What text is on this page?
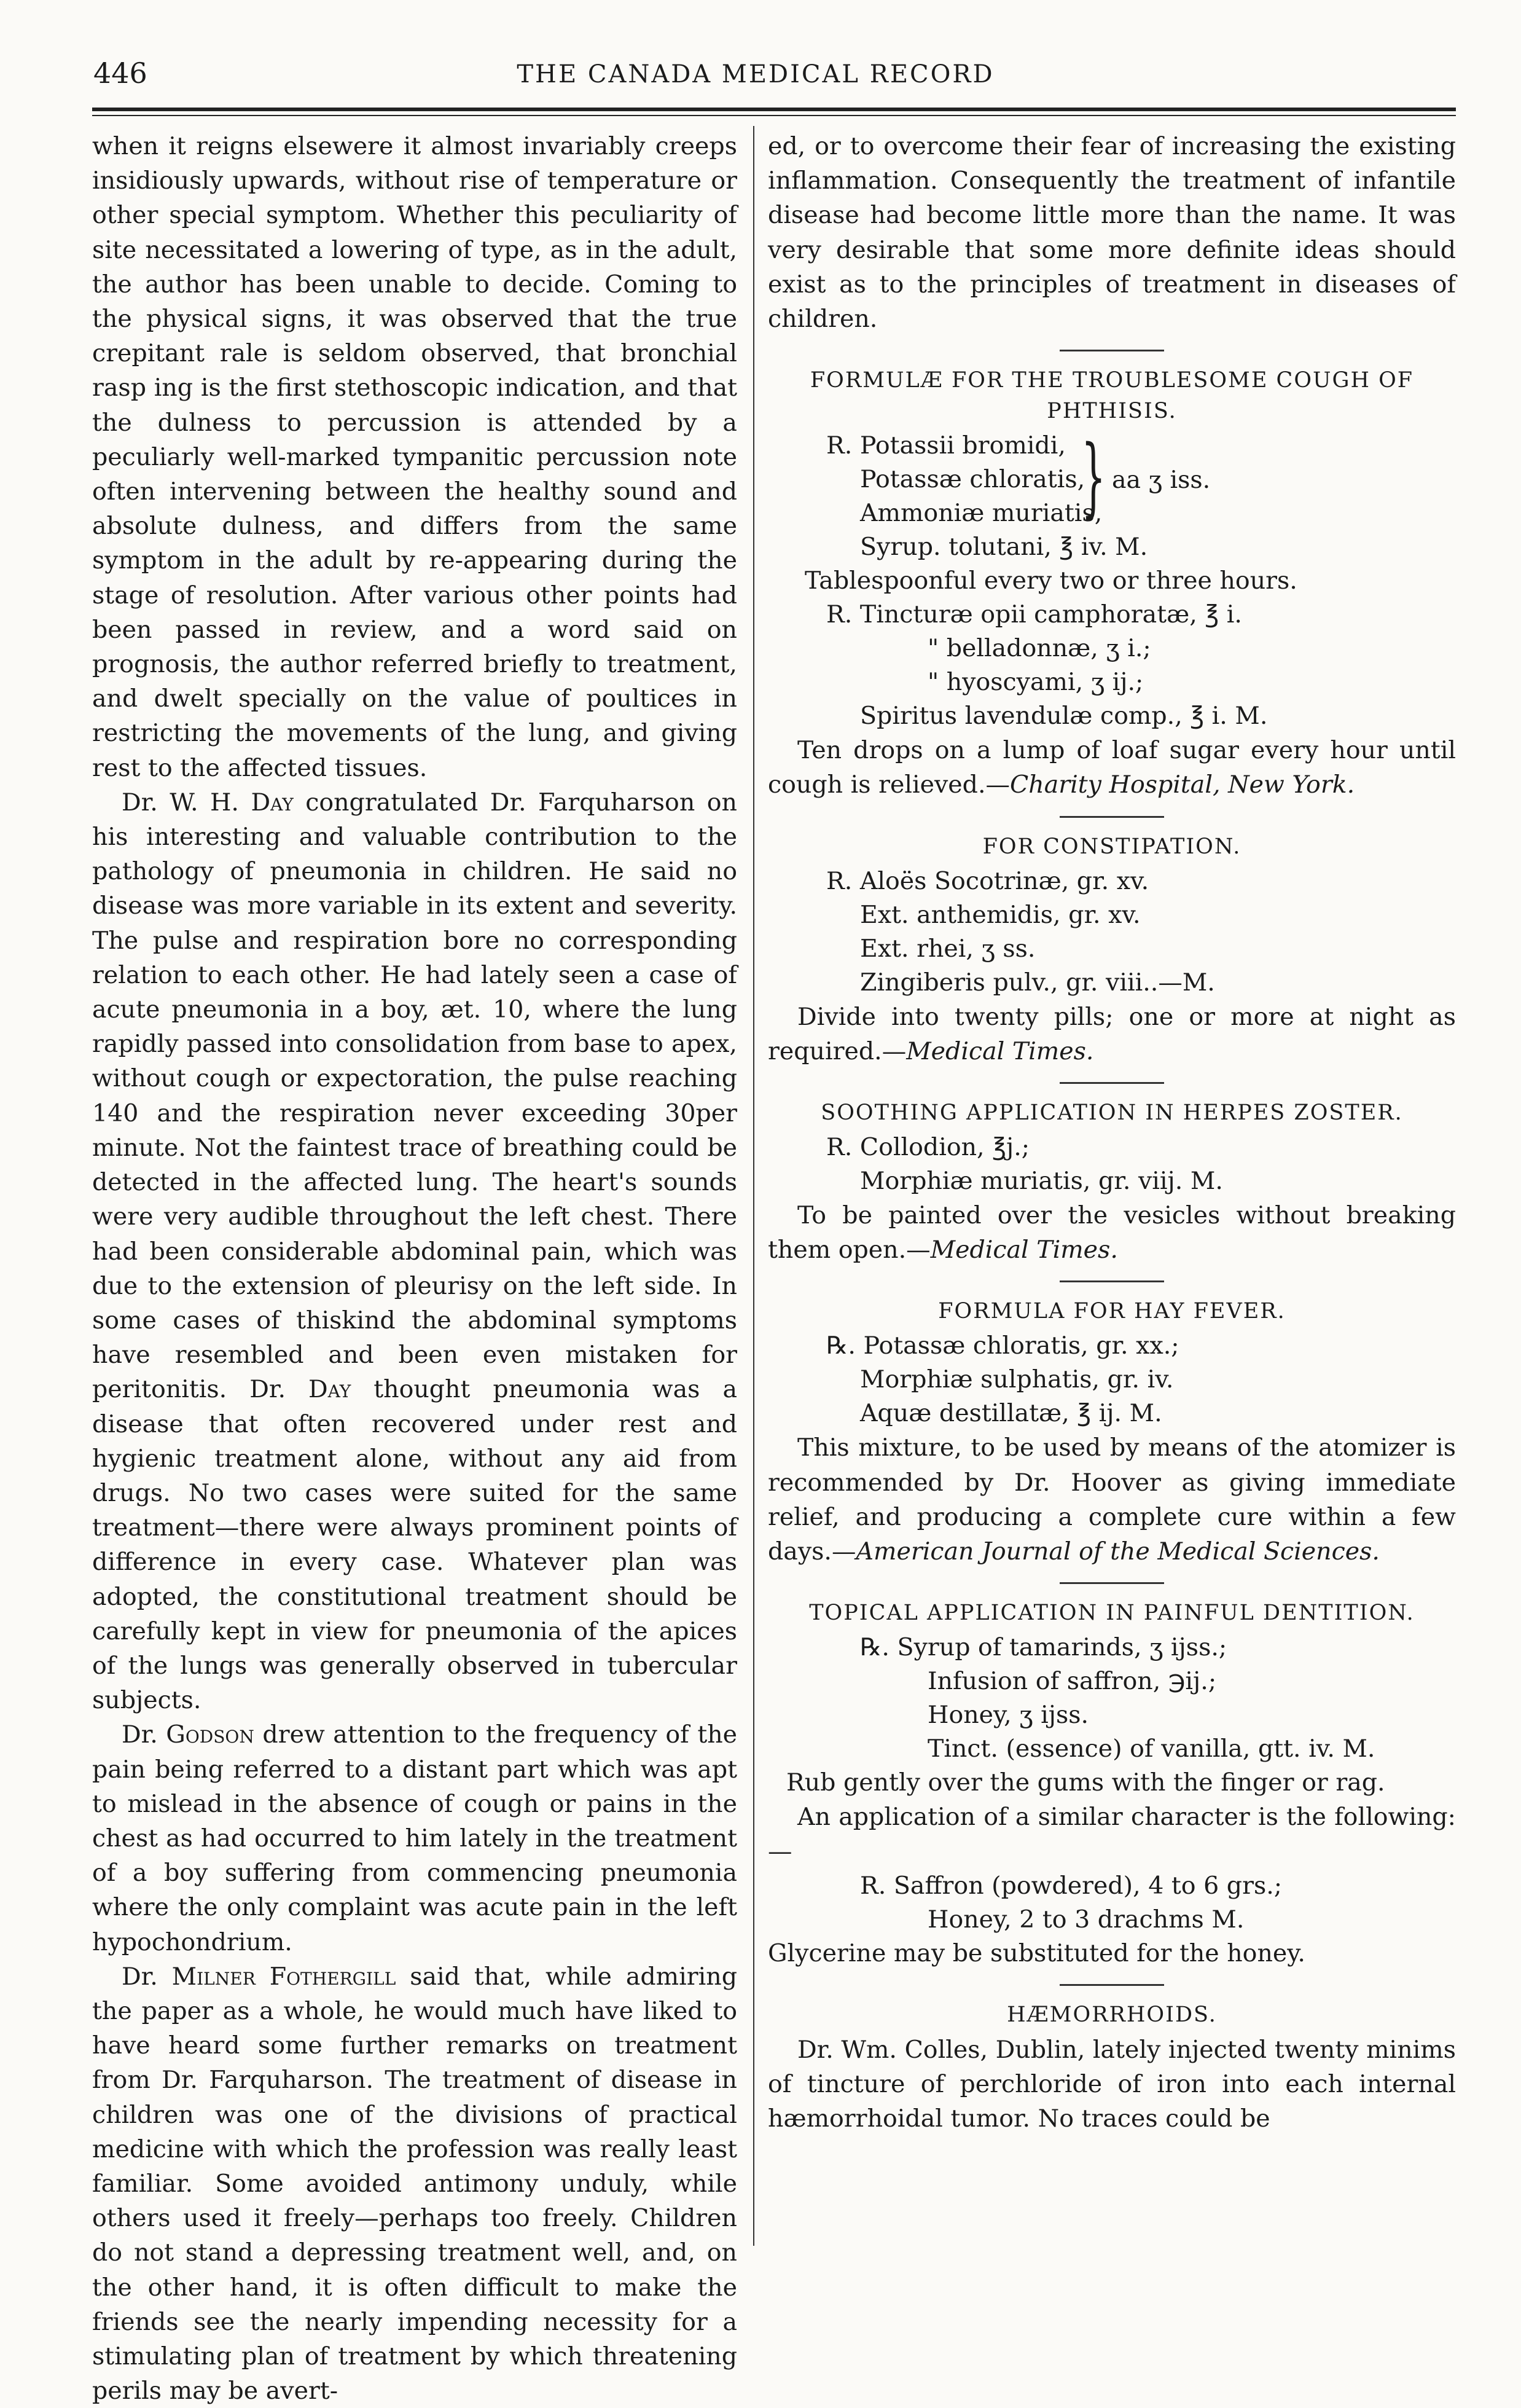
446	THE CANADA MEDICAL RECORD

when it reigns elsewere it almost invariably creeps insidiously upwards, without rise of temperature or other special symptom. Whether this peculiarity of site necessitated a lowering of type, as in the adult, the author has been unable to decide. Coming to the physical signs, it was observed that the true crepitant rale is seldom observed, that bronchial rasp ing is the first stethoscopic indication, and that the dulness to percussion is attended by a peculiarly well-marked tympanitic percussion note often intervening between the healthy sound and absolute dulness, and differs from the same symptom in the adult by re-appearing during the stage of resolution. After various other points had been passed in review, and a word said on prognosis, the author referred briefly to treatment, and dwelt specially on the value of poultices in restricting the movements of the lung, and giving rest to the affected tissues.

Dr. W. H. Day congratulated Dr. Farquharson on his interesting and valuable contribution to the pathology of pneumonia in children. He said no disease was more variable in its extent and severity. The pulse and respiration bore no corresponding relation to each other. He had lately seen a case of acute pneumonia in a boy, æt. 10, where the lung rapidly passed into consolidation from base to apex, without cough or expectoration, the pulse reaching 140 and the respiration never exceeding 30per minute. Not the faintest trace of breathing could be detected in the affected lung. The heart's sounds were very audible throughout the left chest. There had been considerable abdominal pain, which was due to the extension of pleurisy on the left side. In some cases of thiskind the abdominal symptoms have resembled and been even mistaken for peritonitis. Dr. Day thought pneumonia was a disease that often recovered under rest and hygienic treatment alone, without any aid from drugs. No two cases were suited for the same treatment—there were always prominent points of difference in every case. Whatever plan was adopted, the constitutional treatment should be carefully kept in view for pneumonia of the apices of the lungs was generally observed in tubercular subjects.

Dr. Godson drew attention to the frequency of the pain being referred to a distant part which was apt to mislead in the absence of cough or pains in the chest as had occurred to him lately in the treatment of a boy suffering from commencing pneumonia where the only complaint was acute pain in the left hypochondrium.

Dr. Milner Fothergill said that, while admiring the paper as a whole, he would much have liked to have heard some further remarks on treatment from Dr. Farquharson. The treatment of disease in children was one of the divisions of practical medicine with which the profession was really least familiar. Some avoided antimony unduly, while others used it freely—perhaps too freely. Children do not stand a depressing treatment well, and, on the other hand, it is often difficult to make the friends see the nearly impending necessity for a stimulating plan of treatment by which threatening perils may be avert-

ed, or to overcome their fear of increasing the existing inflammation. Consequently the treatment of infantile disease had become little more than the name. It was very desirable that some more definite ideas should exist as to the principles of treatment in diseases of children.

FORMULÆ FOR THE TROUBLESOME COUGH OF PHTHISIS.
R. Potassii bromidi,
Potassæ chloratis,
Ammoniæ muriatis,
} aa ʒ iss.
Syrup. tolutani, ℥ iv. M.
Tablespoonful every two or three hours.
R. Tincturæ opii camphoratæ, ℥ i.
" belladonnæ, ʒ i.;
" hyoscyami, ʒ ij.;
Spiritus lavendulæ comp., ℥ i. M.

Ten drops on a lump of loaf sugar every hour until cough is relieved.—Charity Hospital, New York.

FOR CONSTIPATION.
R. Aloës Socotrinæ, gr. xv.
Ext. anthemidis, gr. xv.
Ext. rhei, ʒ ss.
Zingiberis pulv., gr. viii..—M.

Divide into twenty pills; one or more at night as required.—Medical Times.

SOOTHING APPLICATION IN HERPES ZOSTER.
R. Collodion, ℥j.;
Morphiæ muriatis, gr. viij. M.

To be painted over the vesicles without breaking them open.—Medical Times.

FORMULA FOR HAY FEVER.
℞. Potassæ chloratis, gr. xx.;
Morphiæ sulphatis, gr. iv.
Aquæ destillatæ, ℥ ij. M.

This mixture, to be used by means of the atomizer is recommended by Dr. Hoover as giving immediate relief, and producing a complete cure within a few days.—American Journal of the Medical Sciences.

TOPICAL APPLICATION IN PAINFUL DENTITION.
℞. Syrup of tamarinds, ʒ ijss.;
Infusion of saffron, ℈ij.;
Honey, ʒ ijss.
Tinct. (essence) of vanilla, gtt. iv. M.
Rub gently over the gums with the finger or rag.

An application of a similar character is the following:—

R. Saffron (powdered), 4 to 6 grs.;
Honey, 2 to 3 drachms M.
Glycerine may be substituted for the honey.
HÆMORRHOIDS.

Dr. Wm. Colles, Dublin, lately injected twenty minims of tincture of perchloride of iron into each internal hæmorrhoidal tumor. No traces could be
